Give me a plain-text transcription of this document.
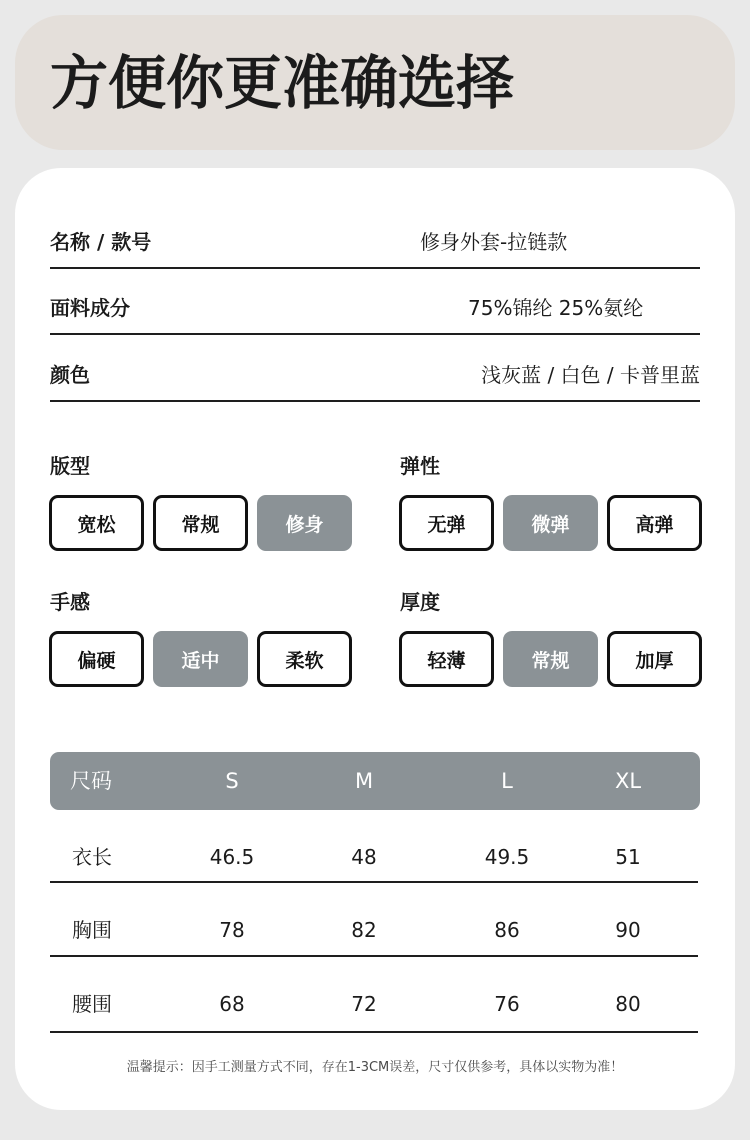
方便你更准确选择
名称 / 款号	修身外套-拉链款
面料成分	75%锦纶 25%氨纶
颜色	浅灰蓝 / 白色 / 卡普里蓝
版型
宽松	常规	修身
弹性
无弹	微弹	高弹
手感
偏硬	适中	柔软
厚度
轻薄	常规	加厚
尺码	S	M	L	XL
衣长	46.5	48	49.5	51
胸围	78	82	86	90
腰围	68	72	76	80
温馨提示：因手工测量方式不同，存在1-3CM误差，尺寸仅供参考，具体以实物为准！
